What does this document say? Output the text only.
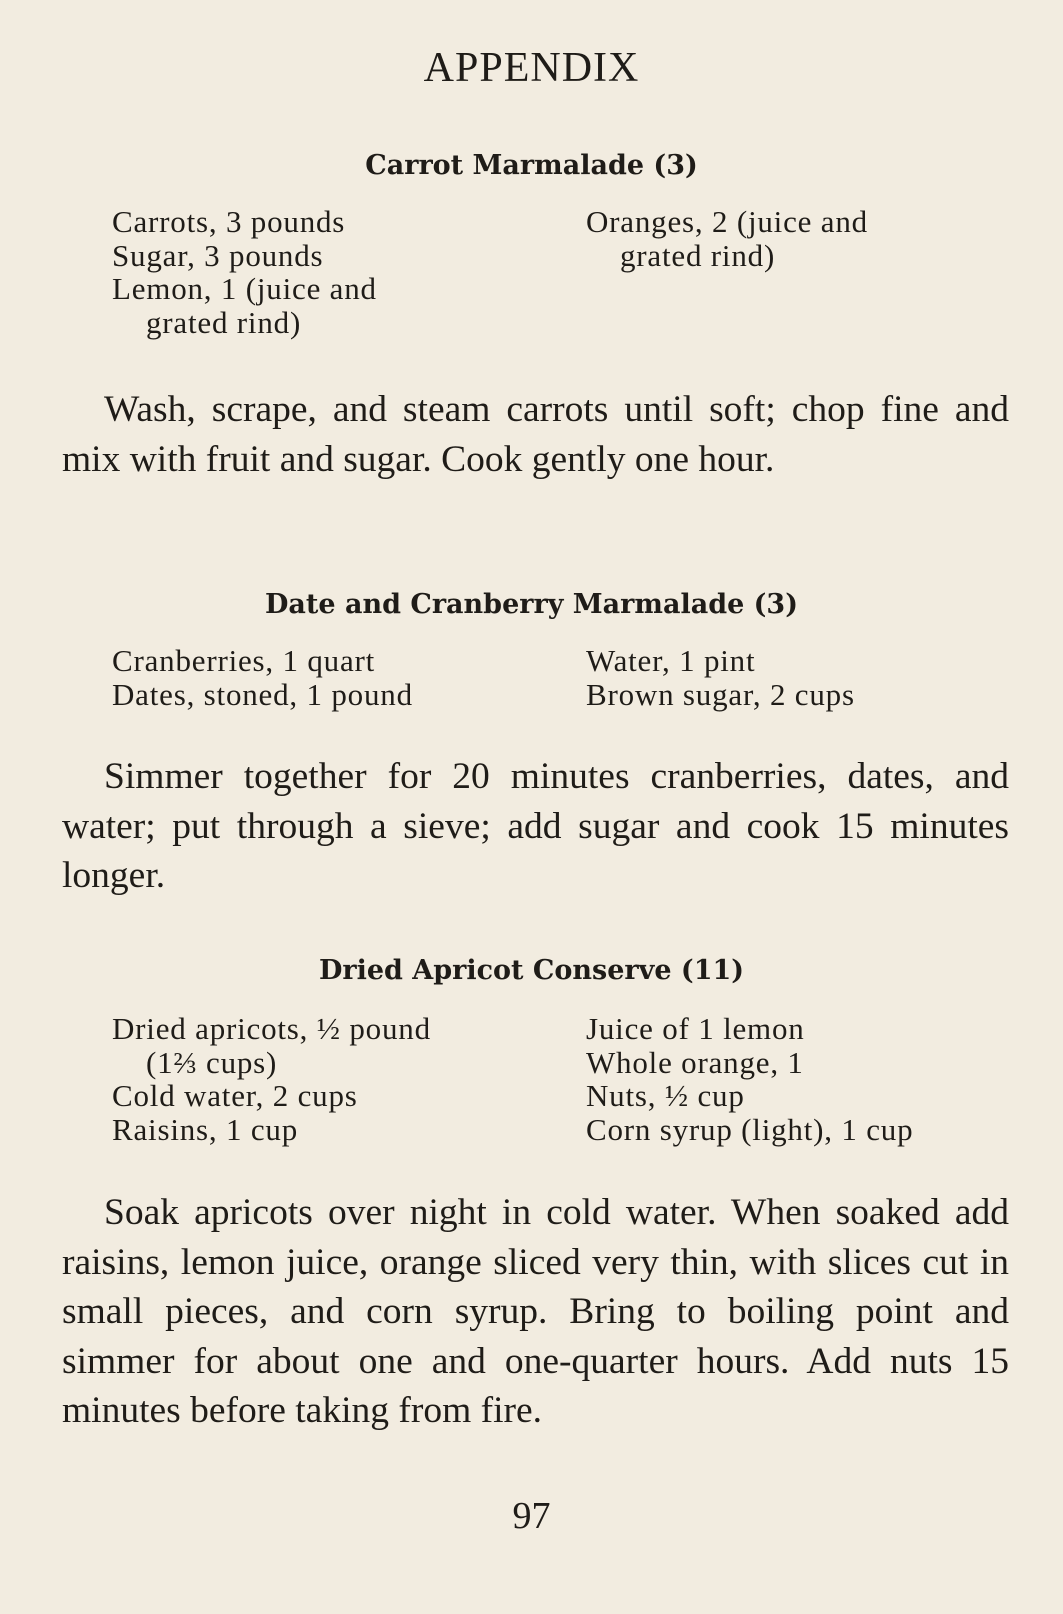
APPENDIX
Carrot Marmalade (3)
Carrots, 3 pounds
Sugar, 3 pounds
Lemon, 1 (juice and
grated rind)
Oranges, 2 (juice and
grated rind)
Wash, scrape, and steam carrots until soft; chop fine and mix with fruit and sugar. Cook gently one hour.
Date and Cranberry Marmalade (3)
Cranberries, 1 quart
Dates, stoned, 1 pound
Water, 1 pint
Brown sugar, 2 cups
Simmer together for 20 minutes cranberries, dates, and water; put through a sieve; add sugar and cook 15 minutes longer.
Dried Apricot Conserve (11)
Dried apricots, ½ pound
(1⅔ cups)
Cold water, 2 cups
Raisins, 1 cup
Juice of 1 lemon
Whole orange, 1
Nuts, ½ cup
Corn syrup (light), 1 cup
Soak apricots over night in cold water. When soaked add raisins, lemon juice, orange sliced very thin, with slices cut in small pieces, and corn syrup. Bring to boiling point and simmer for about one and one-quarter hours. Add nuts 15 minutes before taking from fire.
97
